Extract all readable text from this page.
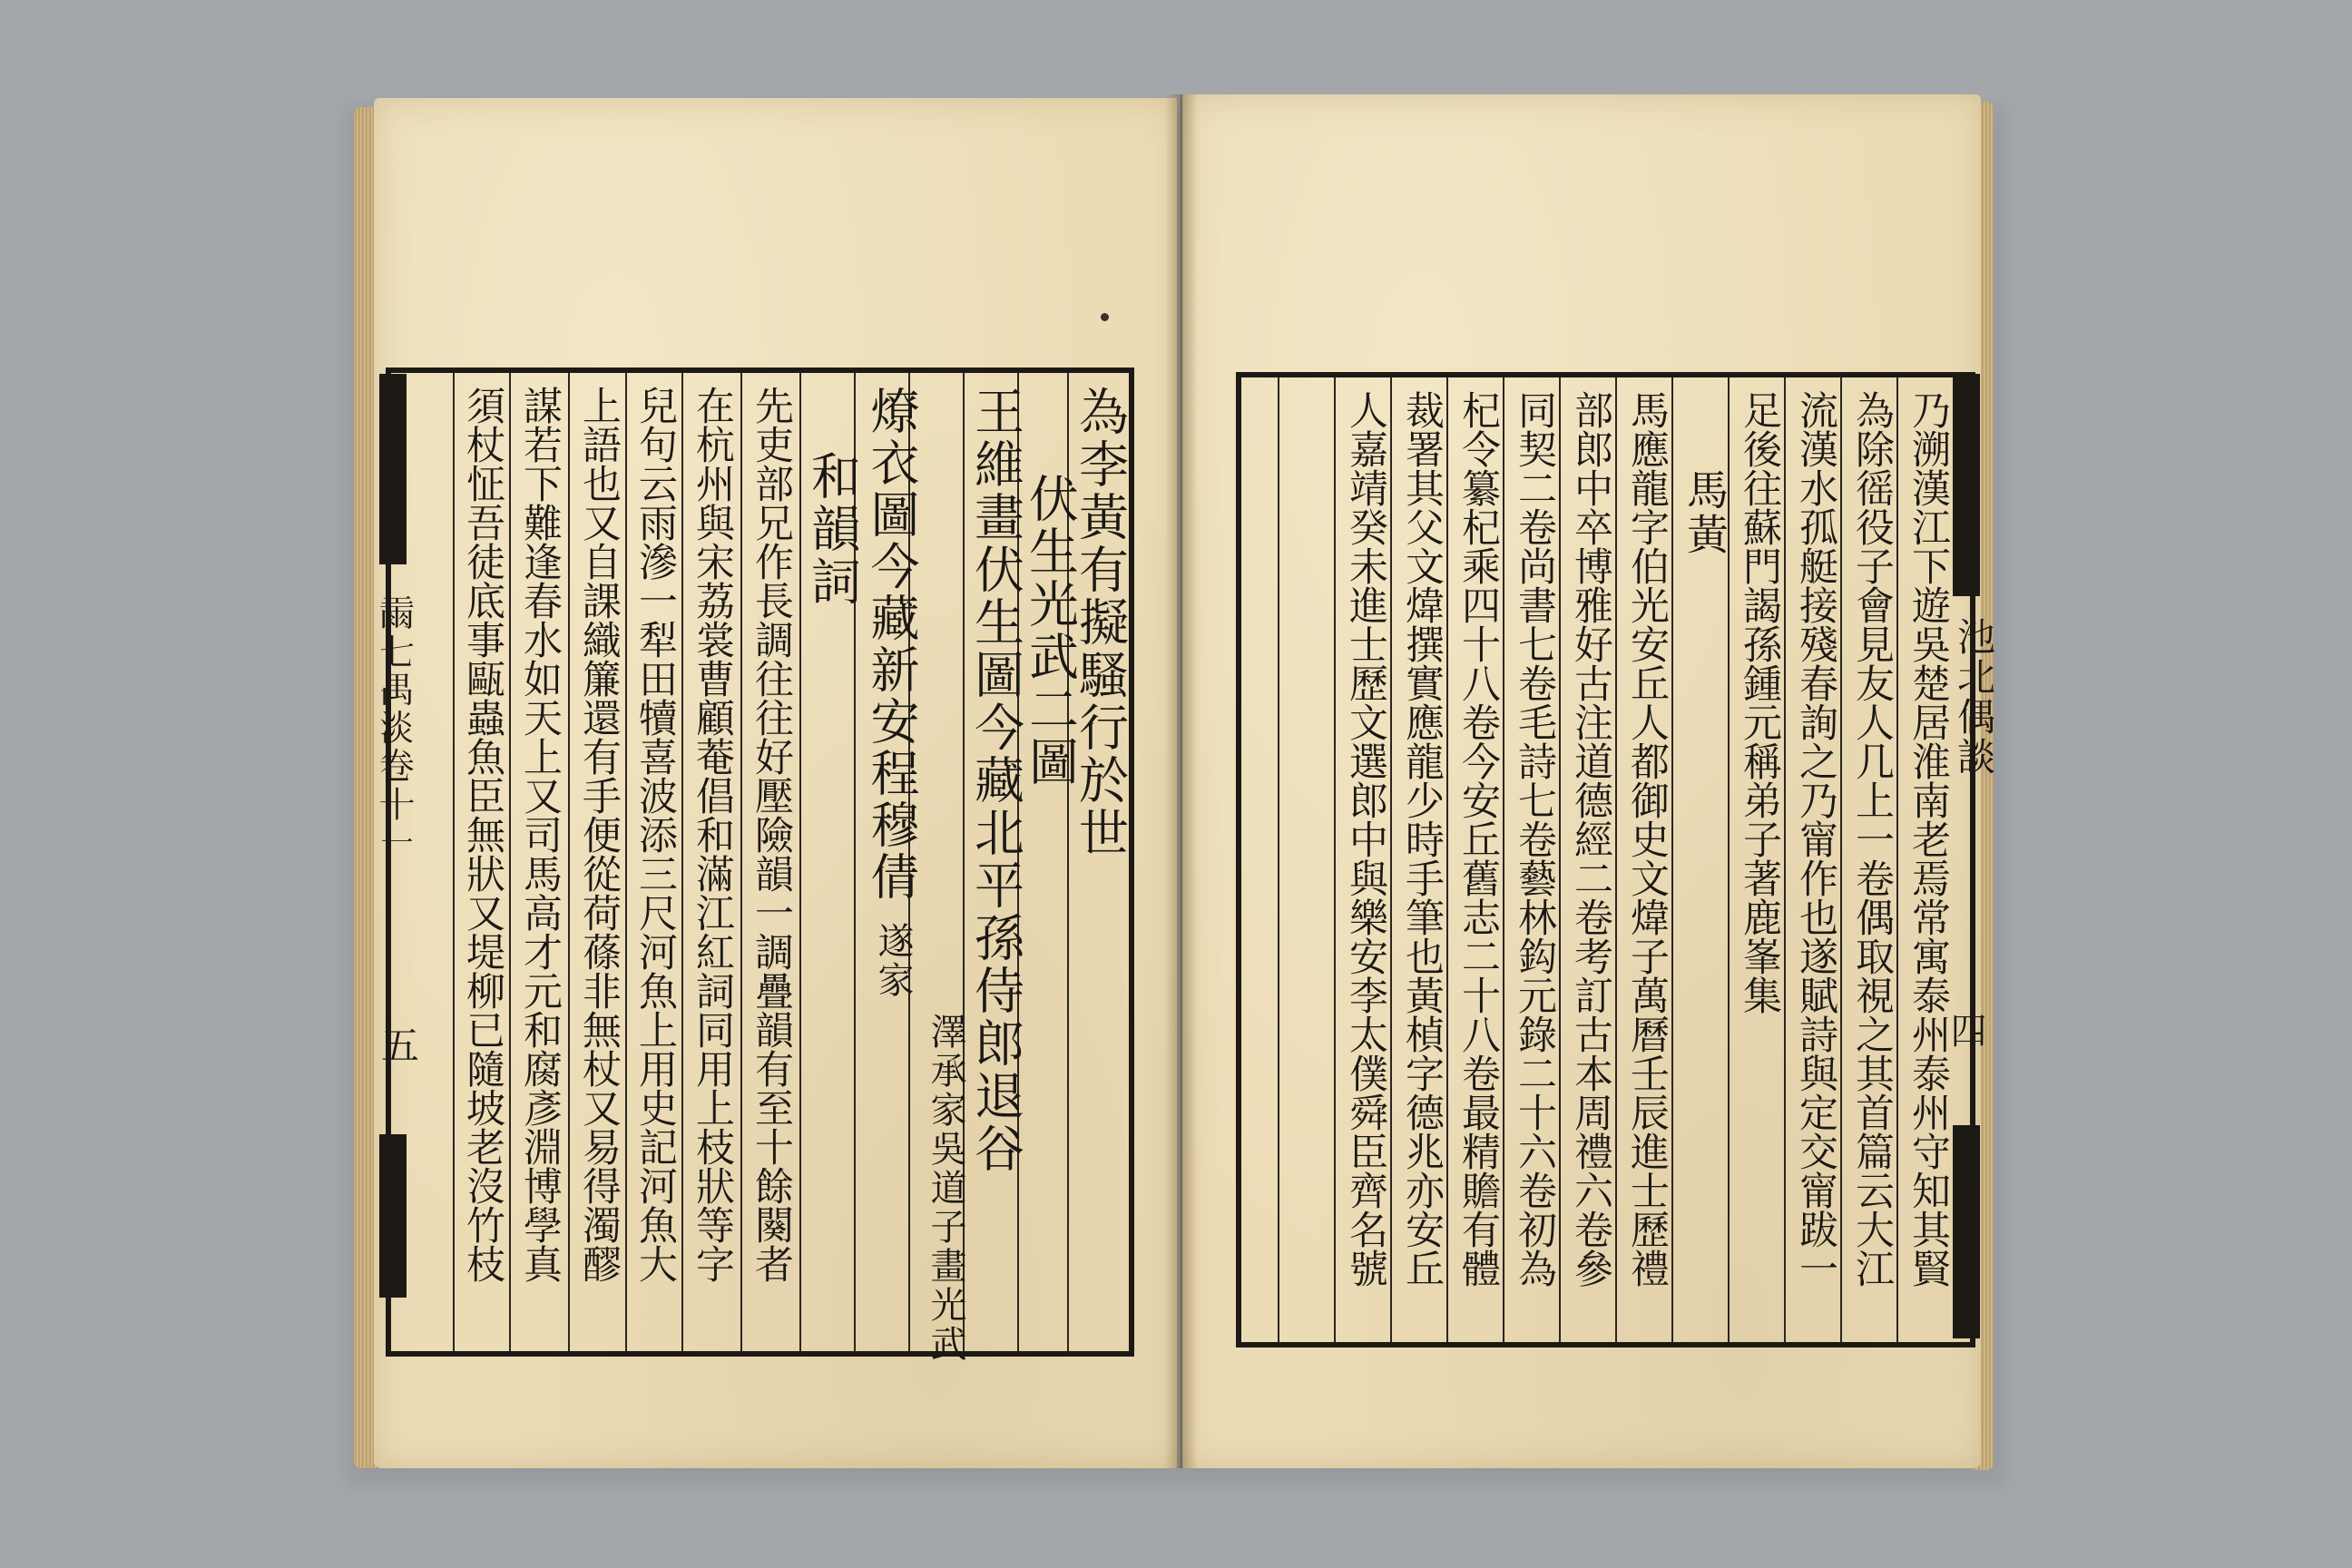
𢀪七禺淡卷十一
五
池北偶談
四
為李黃有擬騷行於世
伏生光武二圖
王維畫伏生圖今藏北平孫侍郎退谷
澤承家吳道子畫光武
燎衣圖今藏新安程穆倩
遂家
和韻詞
先吏部兄作長調往往好壓險韻一調疊韻有至十餘闋者
在杭州與宋荔裳曹顧菴倡和滿江紅詞同用上枝狀等字
兒句云雨滲一犁田犢喜波添三尺河魚上用史記河魚大
上語也又自課織簾還有手便從荷蓧非無杖又易得濁醪
謀若下難逢春水如天上又司馬高才元和腐彥淵博學真
須杖怔吾徒底事甌蟲魚臣無狀又堤柳已隨坡老沒竹枝	乃溯漢江下遊吳楚居淮南老焉常寓泰州泰州守知其賢
為除徭役子會見友人几上一卷偶取視之其首篇云大江
流漢水孤艇接殘春詢之乃甯作也遂賦詩與定交甯跋一
足後往蘇門謁孫鍾元稱弟子著鹿峯集
馬黃
馬應龍字伯光安丘人都御史文煒子萬曆壬辰進士歷禮
部郎中卒博雅好古注道德經二卷考訂古本周禮六卷參
同契二卷尚書七卷毛詩七卷藝林鈎元錄二十六卷初為
杞令纂杞乘四十八卷今安丘舊志二十八卷最精贍有體
裁署其父文煒撰實應龍少時手筆也黃楨字德兆亦安丘
人嘉靖癸未進士歷文選郎中與樂安李太僕舜臣齊名號
